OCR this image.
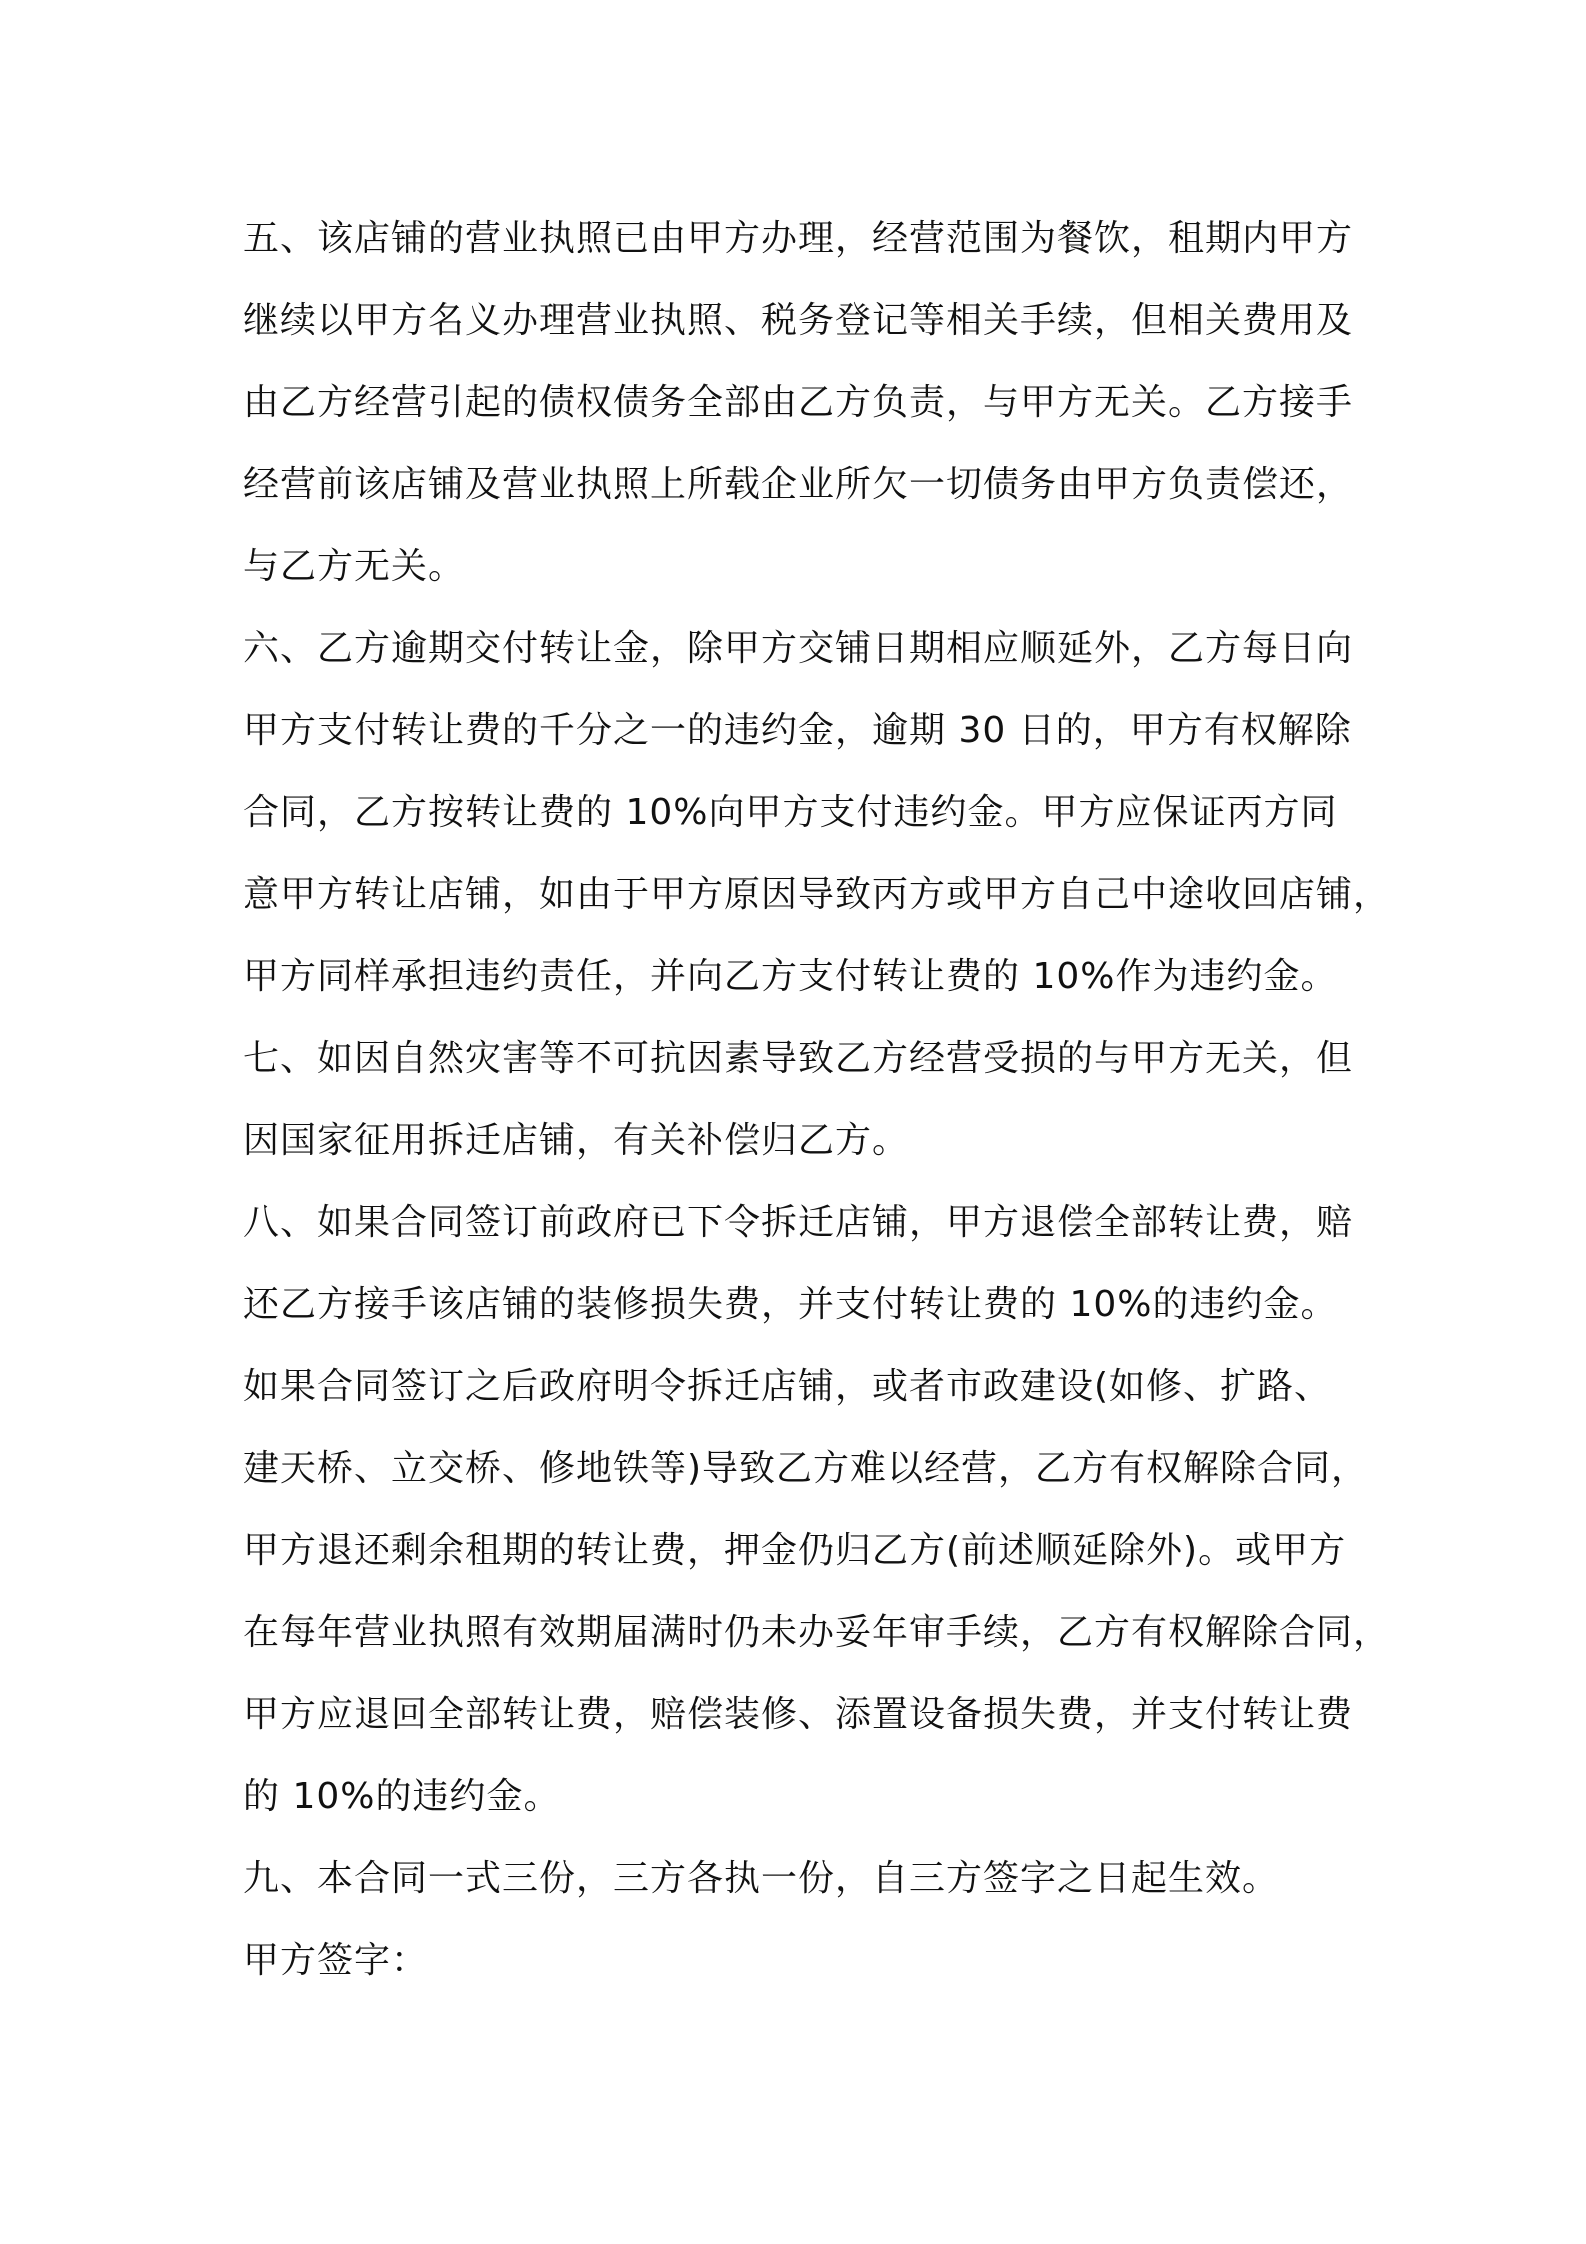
五、该店铺的营业执照已由甲方办理，经营范围为餐饮，租期内甲方
继续以甲方名义办理营业执照、税务登记等相关手续，但相关费用及
由乙方经营引起的债权债务全部由乙方负责，与甲方无关。乙方接手
经营前该店铺及营业执照上所载企业所欠一切债务由甲方负责偿还，
与乙方无关。
六、乙方逾期交付转让金，除甲方交铺日期相应顺延外，乙方每日向
甲方支付转让费的千分之一的违约金，逾期 30 日的，甲方有权解除
合同，乙方按转让费的 10%向甲方支付违约金。甲方应保证丙方同
意甲方转让店铺，如由于甲方原因导致丙方或甲方自己中途收回店铺，
甲方同样承担违约责任，并向乙方支付转让费的 10%作为违约金。
七、如因自然灾害等不可抗因素导致乙方经营受损的与甲方无关，但
因国家征用拆迁店铺，有关补偿归乙方。
八、如果合同签订前政府已下令拆迁店铺，甲方退偿全部转让费，赔
还乙方接手该店铺的装修损失费，并支付转让费的 10%的违约金。
如果合同签订之后政府明令拆迁店铺，或者市政建设(如修、扩路、
建天桥、立交桥、修地铁等)导致乙方难以经营，乙方有权解除合同，
甲方退还剩余租期的转让费，押金仍归乙方(前述顺延除外)。或甲方
在每年营业执照有效期届满时仍未办妥年审手续，乙方有权解除合同，
甲方应退回全部转让费，赔偿装修、添置设备损失费，并支付转让费
的 10%的违约金。
九、本合同一式三份，三方各执一份，自三方签字之日起生效。
甲方签字：
